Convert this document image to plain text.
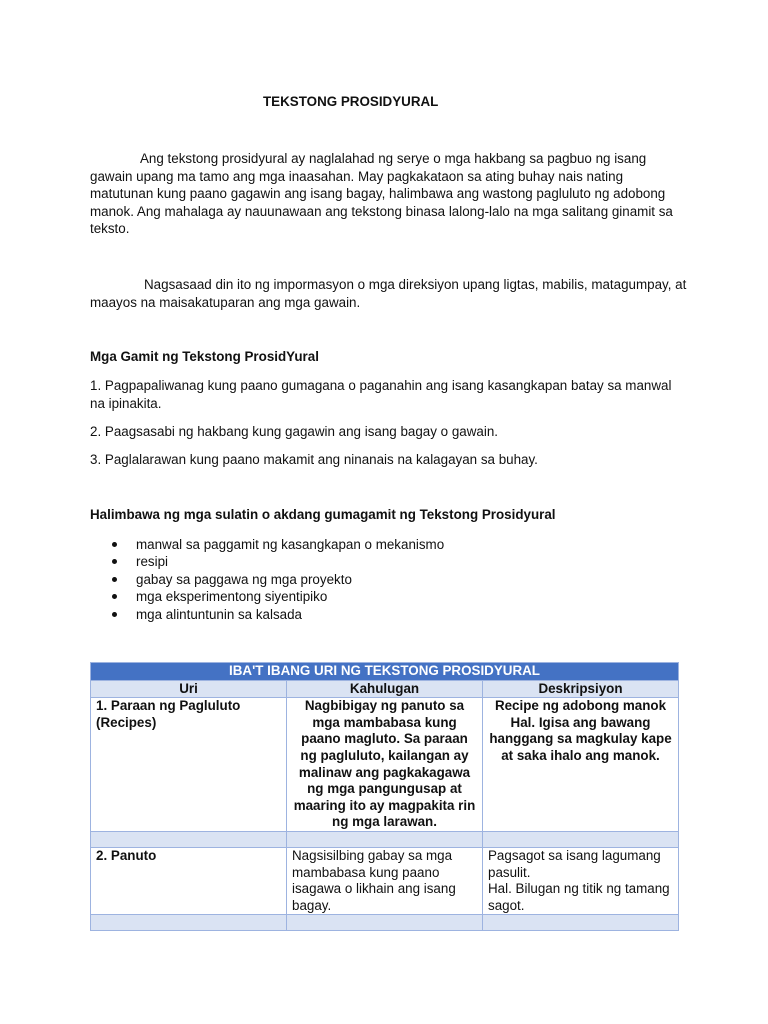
TEKSTONG PROSIDYURAL

Ang tekstong prosidyural ay naglalahad ng serye o mga hakbang sa pagbuo ng isang gawain upang ma tamo ang mga inaasahan. May pagkakataon sa ating buhay nais nating matutunan kung paano gagawin ang isang bagay, halimbawa ang wastong pagluluto ng adobong manok. Ang mahalaga ay nauunawaan ang tekstong binasa lalong-lalo na mga salitang ginamit sa teksto.

Nagsasaad din ito ng impormasyon o mga direksiyon upang ligtas, mabilis, matagumpay, at maayos na maisakatuparan ang mga gawain.

Mga Gamit ng Tekstong ProsidYural

1. Pagpapaliwanag kung paano gumagana o paganahin ang isang kasangkapan batay sa manwal na ipinakita.

2. Paagsasabi ng hakbang kung gagawin ang isang bagay o gawain.

3. Paglalarawan kung paano makamit ang ninanais na kalagayan sa buhay.

Halimbawa ng mga sulatin o akdang gumagamit ng Tekstong Prosidyural
manwal sa paggamit ng kasangkapan o mekanismo
resipi
gabay sa paggawa ng mga proyekto
mga eksperimentong siyentipiko
mga alintuntunin sa kalsada
IBA'T IBANG URI NG TEKSTONG PROSIDYURAL		
Uri	Kahulugan	Deskripsiyon
1. Paraan ng Pagluluto (Recipes)	Nagbibigay ng panuto sa mga mambabasa kung paano magluto. Sa paraan ng pagluluto, kailangan ay malinaw ang pagkakagawa ng mga pangungusap at maaring ito ay magpakita rin ng mga larawan.	Recipe ng adobong manok Hal. Igisa ang bawang hanggang sa magkulay kape at saka ihalo ang manok.

2. Panuto	Nagsisilbing gabay sa mga mambabasa kung paano isagawa o likhain ang isang bagay.	Pagsagot sa isang lagumang pasulit.
Hal. Bilugan ng titik ng tamang sagot.
